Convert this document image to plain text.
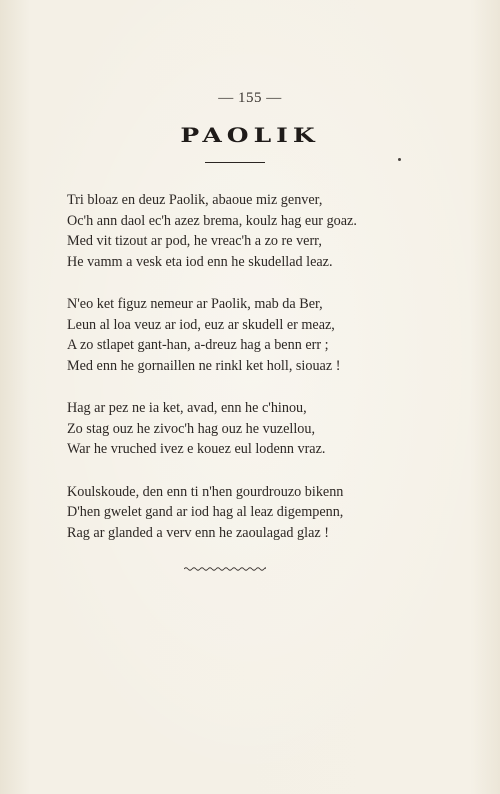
— 155 —
PAOLIK
Tri bloaz en deuz Paolik, abaoue miz genver,
Oc'h ann daol ec'h azez brema, koulz hag eur goaz.
Med vit tizout ar pod, he vreac'h a zo re verr,
He vamm a vesk eta iod enn he skudellad leaz.
N'eo ket figuz nemeur ar Paolik, mab da Ber,
Leun al loa veuz ar iod, euz ar skudell er meaz,
A zo stlapet gant-han, a-dreuz hag a benn err ;
Med enn he gornaillen ne rinkl ket holl, siouaz !
Hag ar pez ne ia ket, avad, enn he c'hinou,
Zo stag ouz he zivoc'h hag ouz he vuzellou,
War he vruched ivez e kouez eul lodenn vraz.
Koulskoude, den enn ti n'hen gourdrouzo bikenn
D'hen gwelet gand ar iod hag al leaz digempenn,
Rag ar glanded a verv enn he zaoulagad glaz !
